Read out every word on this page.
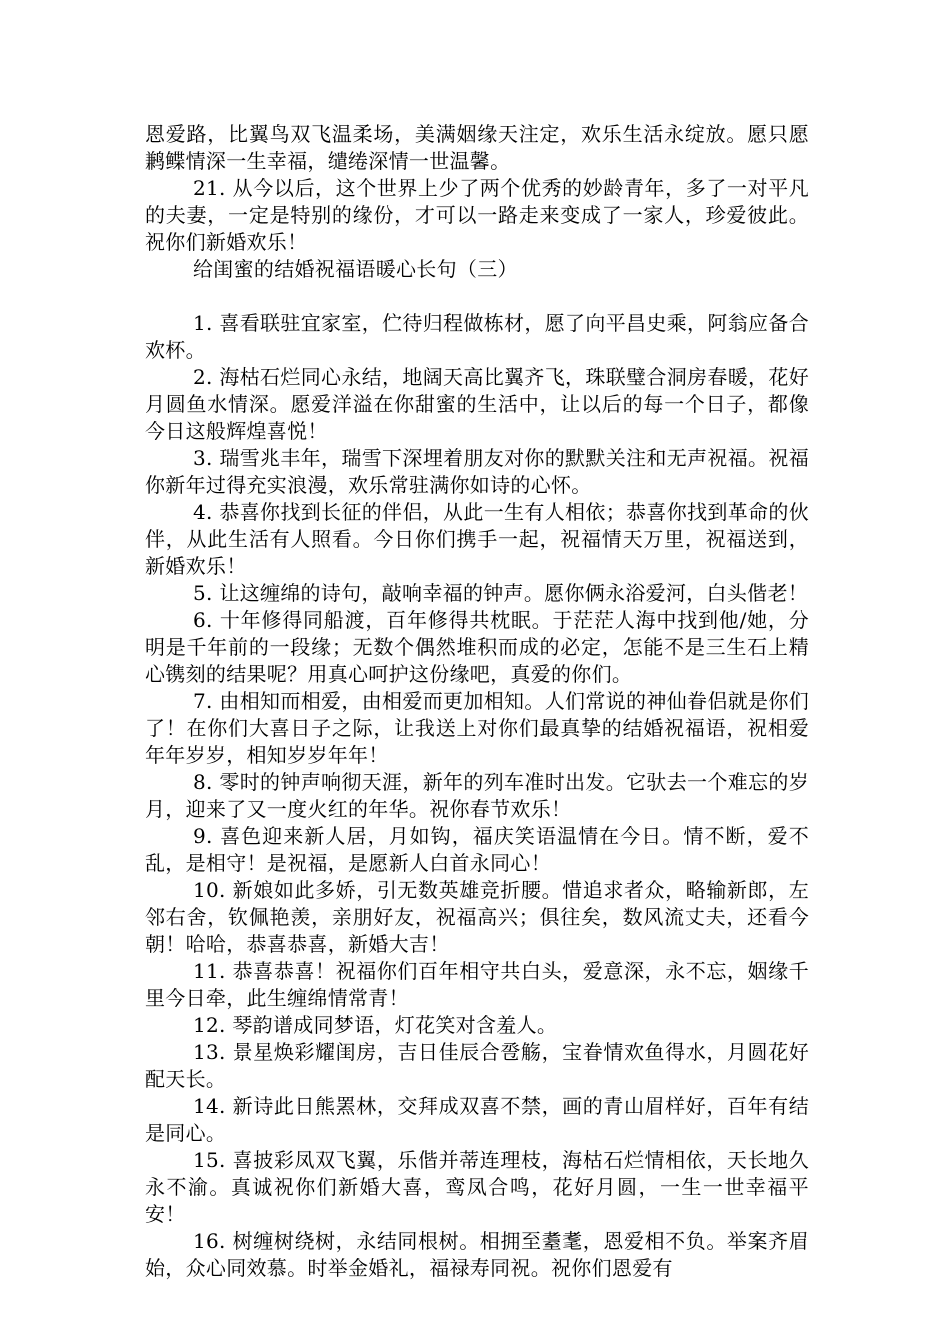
恩爱路，比翼鸟双飞温柔场，美满姻缘天注定，欢乐生活永绽放。愿只愿鹣鲽情深一生幸福，缱绻深情一世温馨。

21. 从今以后，这个世界上少了两个优秀的妙龄青年，多了一对平凡的夫妻，一定是特别的缘份，才可以一路走来变成了一家人，珍爱彼此。祝你们新婚欢乐！

给闺蜜的结婚祝福语暖心长句（三）

1. 喜看联驻宜家室，伫待归程做栋材，愿了向平昌史乘，阿翁应备合欢杯。

2. 海枯石烂同心永结，地阔天高比翼齐飞，珠联璧合洞房春暖，花好月圆鱼水情深。愿爱洋溢在你甜蜜的生活中，让以后的每一个日子，都像今日这般辉煌喜悦！

3. 瑞雪兆丰年，瑞雪下深埋着朋友对你的默默关注和无声祝福。祝福你新年过得充实浪漫，欢乐常驻满你如诗的心怀。

4. 恭喜你找到长征的伴侣，从此一生有人相依；恭喜你找到革命的伙伴，从此生活有人照看。今日你们携手一起，祝福情天万里，祝福送到，新婚欢乐！

5. 让这缠绵的诗句，敲响幸福的钟声。愿你俩永浴爱河，白头偕老！

6. 十年修得同船渡，百年修得共枕眠。于茫茫人海中找到他/她，分明是千年前的一段缘；无数个偶然堆积而成的必定，怎能不是三生石上精心镌刻的结果呢？用真心呵护这份缘吧，真爱的你们。

7. 由相知而相爱，由相爱而更加相知。人们常说的神仙眷侣就是你们了！在你们大喜日子之际，让我送上对你们最真挚的结婚祝福语，祝相爱年年岁岁，相知岁岁年年！

8. 零时的钟声响彻天涯，新年的列车准时出发。它驮去一个难忘的岁月，迎来了又一度火红的年华。祝你春节欢乐！

9. 喜色迎来新人居，月如钩，福庆笑语温情在今日。情不断，爱不乱，是相守！是祝福，是愿新人白首永同心！

10. 新娘如此多娇，引无数英雄竞折腰。惜追求者众，略输新郎，左邻右舍，钦佩艳羡，亲朋好友，祝福高兴；俱往矣，数风流丈夫，还看今朝！哈哈，恭喜恭喜，新婚大吉！

11. 恭喜恭喜！祝福你们百年相守共白头，爱意深，永不忘，姻缘千里今日牵，此生缠绵情常青！

12. 琴韵谱成同梦语，灯花笑对含羞人。

13. 景星焕彩耀闺房，吉日佳辰合卺觞，宝眷情欢鱼得水，月圆花好配天长。

14. 新诗此日熊罴林，交拜成双喜不禁，画的青山眉样好，百年有结是同心。

15. 喜披彩凤双飞翼，乐偕并蒂连理枝，海枯石烂情相依，天长地久永不渝。真诚祝你们新婚大喜，鸾凤合鸣，花好月圆，一生一世幸福平安！

16. 树缠树绕树，永结同根树。相拥至耋耄，恩爱相不负。举案齐眉始，众心同效慕。时举金婚礼，福禄寿同祝。祝你们恩爱有
